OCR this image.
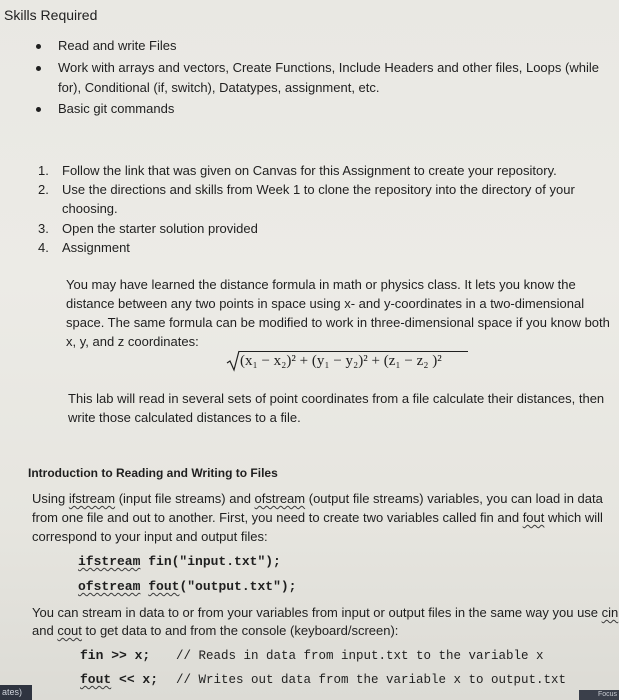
Skills Required
Read and write Files
Work with arrays and vectors, Create Functions, Include Headers and other files, Loops (while
for), Conditional (if, switch), Datatypes, assignment, etc.
Basic git commands
1. Follow the link that was given on Canvas for this Assignment to create your repository.
2. Use the directions and skills from Week 1 to clone the repository into the directory of your
choosing.
3. Open the starter solution provided
4. Assignment
You may have learned the distance formula in math or physics class. It lets you know the
distance between any two points in space using x- and y-coordinates in a two-dimensional
space. The same formula can be modified to work in three-dimensional space if you know both
x, y, and z coordinates:
(x₁ − x₂)² + (y₁ − y₂)² + (z₁ − z₂ )²
This lab will read in several sets of point coordinates from a file calculate their distances, then
write those calculated distances to a file.
Introduction to Reading and Writing to Files
Using ifstream (input file streams) and ofstream (output file streams) variables, you can load in data
from one file and out to another. First, you need to create two variables called fin and fout which will
correspond to your input and output files:
ifstream fin("input.txt");
ofstream fout("output.txt");
You can stream in data to or from your variables from input or output files in the same way you use cin
and cout to get data to and from the console (keyboard/screen):
fin >> x; // Reads in data from input.txt to the variable x
fout << x; // Writes out data from the variable x to output.txt
ates)	Focus
